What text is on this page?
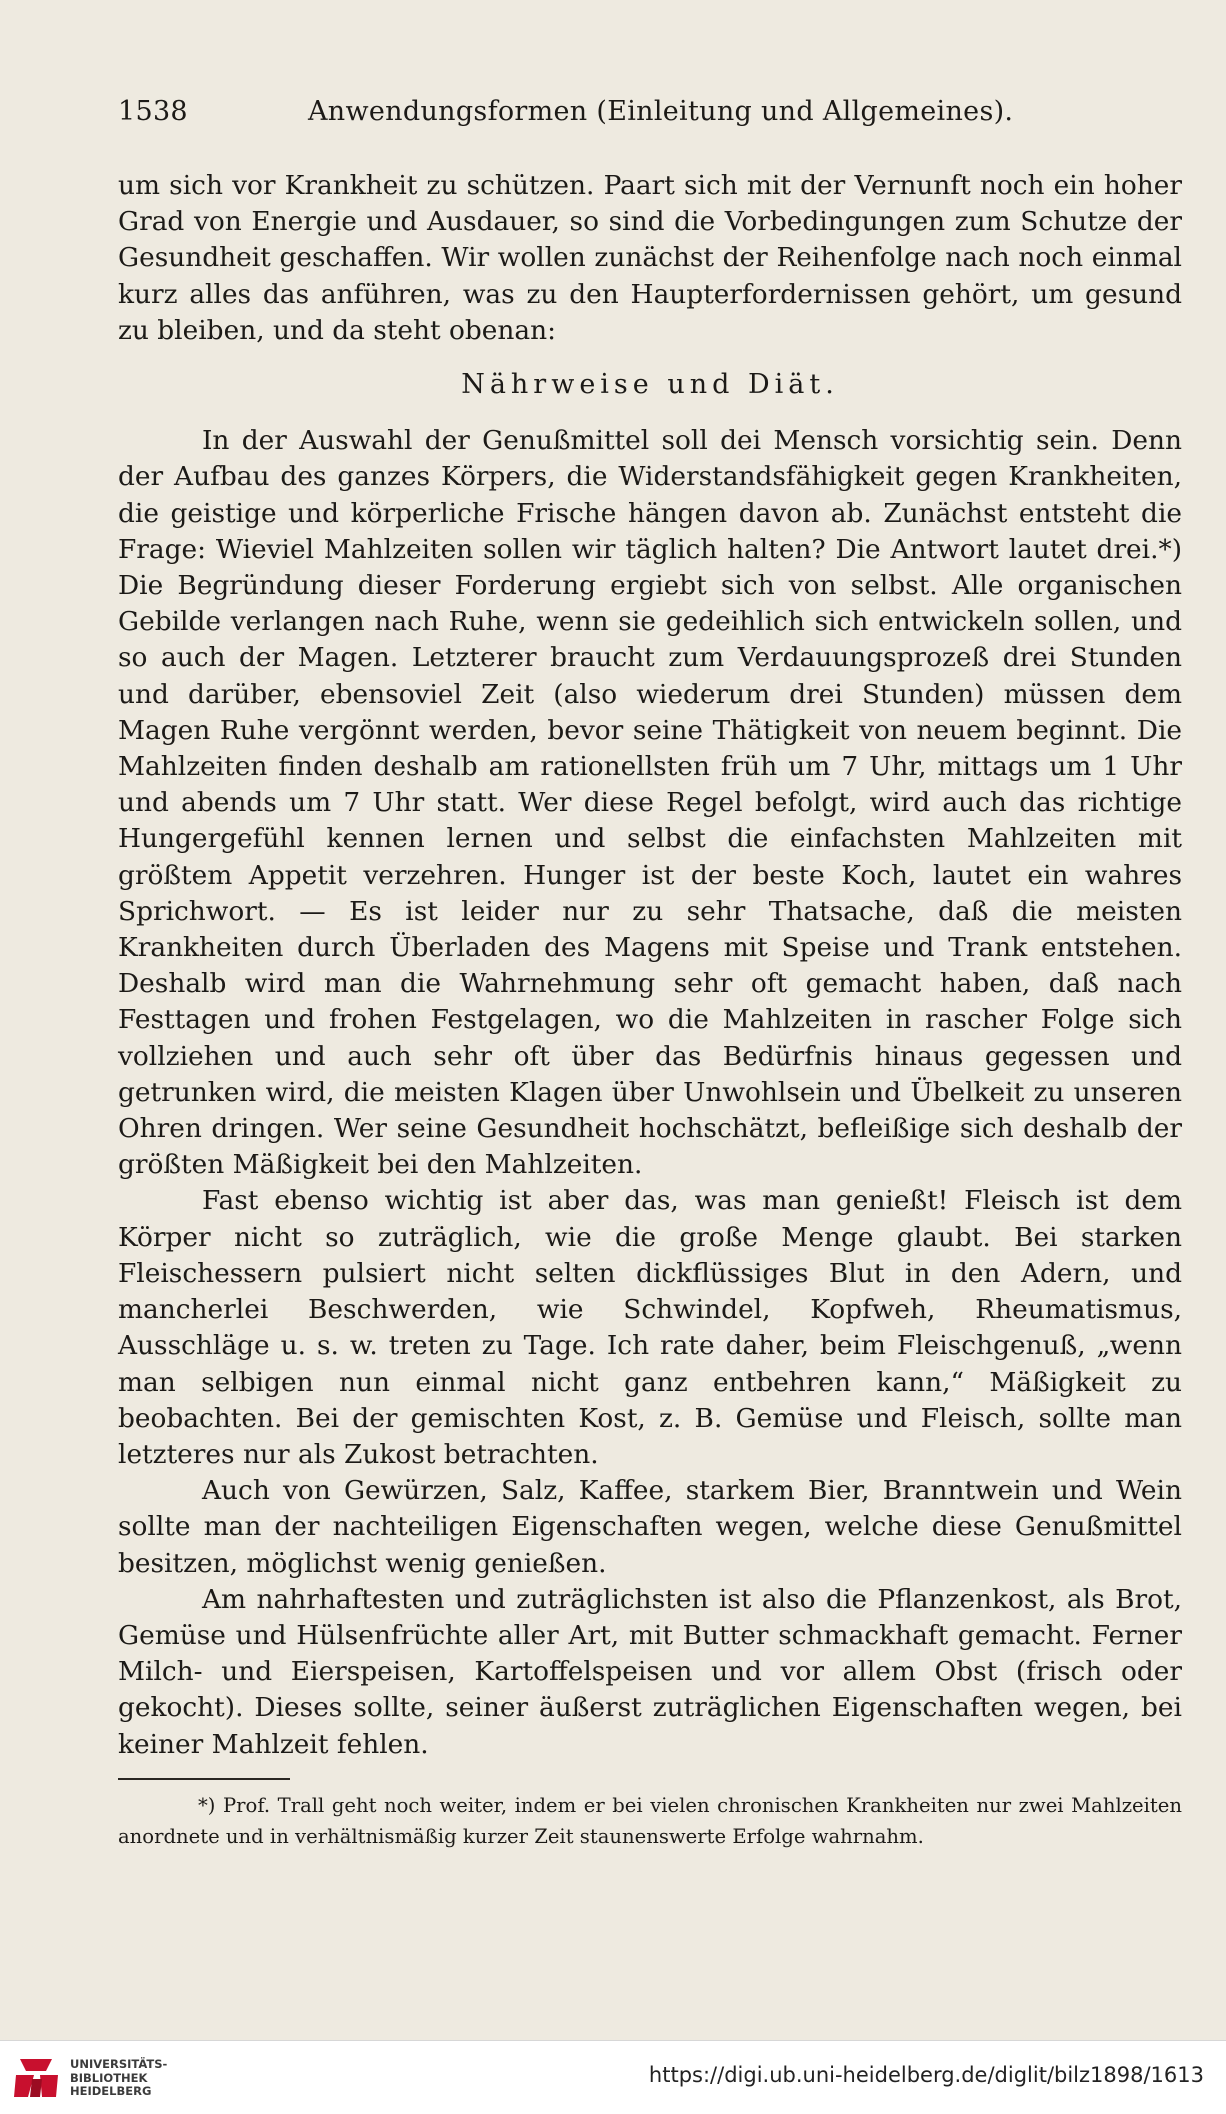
1538	Anwendungsformen (Einleitung und Allgemeines).

um sich vor Krankheit zu schützen. Paart sich mit der Vernunft noch ein hoher Grad von Energie und Ausdauer, so sind die Vorbedingungen zum Schutze der Gesundheit geschaffen. Wir wollen zunächst der Reihenfolge nach noch einmal kurz alles das anführen, was zu den Haupterfordernissen gehört, um gesund zu bleiben, und da steht obenan:

Nährweise und Diät.

In der Auswahl der Genußmittel soll dei Mensch vorsichtig sein. Denn der Aufbau des ganzes Körpers, die Widerstandsfähigkeit gegen Krankheiten, die geistige und körperliche Frische hängen davon ab. Zunächst entsteht die Frage: Wieviel Mahlzeiten sollen wir täglich halten? Die Antwort lautet drei.*) Die Begründung dieser Forderung ergiebt sich von selbst. Alle organischen Gebilde verlangen nach Ruhe, wenn sie gedeihlich sich entwickeln sollen, und so auch der Magen. Letzterer braucht zum Verdauungsprozeß drei Stunden und darüber, ebensoviel Zeit (also wiederum drei Stunden) müssen dem Magen Ruhe vergönnt werden, bevor seine Thätigkeit von neuem beginnt. Die Mahlzeiten finden deshalb am rationellsten früh um 7 Uhr, mittags um 1 Uhr und abends um 7 Uhr statt. Wer diese Regel befolgt, wird auch das richtige Hungergefühl kennen lernen und selbst die einfachsten Mahlzeiten mit größtem Appetit verzehren. Hunger ist der beste Koch, lautet ein wahres Sprichwort. — Es ist leider nur zu sehr Thatsache, daß die meisten Krankheiten durch Überladen des Magens mit Speise und Trank entstehen. Deshalb wird man die Wahrnehmung sehr oft gemacht haben, daß nach Festtagen und frohen Festgelagen, wo die Mahlzeiten in rascher Folge sich vollziehen und auch sehr oft über das Bedürfnis hinaus gegessen und getrunken wird, die meisten Klagen über Unwohlsein und Übelkeit zu unseren Ohren dringen. Wer seine Gesundheit hochschätzt, befleißige sich deshalb der größten Mäßigkeit bei den Mahlzeiten.

Fast ebenso wichtig ist aber das, was man genießt! Fleisch ist dem Körper nicht so zuträglich, wie die große Menge glaubt. Bei starken Fleischessern pulsiert nicht selten dickflüssiges Blut in den Adern, und mancherlei Beschwerden, wie Schwindel, Kopfweh, Rheumatismus, Ausschläge u. s. w. treten zu Tage. Ich rate daher, beim Fleischgenuß, „wenn man selbigen nun einmal nicht ganz entbehren kann,“ Mäßigkeit zu beobachten. Bei der gemischten Kost, z. B. Gemüse und Fleisch, sollte man letzteres nur als Zukost betrachten.

Auch von Gewürzen, Salz, Kaffee, starkem Bier, Branntwein und Wein sollte man der nachteiligen Eigenschaften wegen, welche diese Genußmittel besitzen, möglichst wenig genießen.

Am nahrhaftesten und zuträglichsten ist also die Pflanzenkost, als Brot, Gemüse und Hülsenfrüchte aller Art, mit Butter schmackhaft gemacht. Ferner Milch- und Eierspeisen, Kartoffelspeisen und vor allem Obst (frisch oder gekocht). Dieses sollte, seiner äußerst zuträglichen Eigenschaften wegen, bei keiner Mahlzeit fehlen.

*) Prof. Trall geht noch weiter, indem er bei vielen chronischen Krankheiten nur zwei Mahlzeiten anordnete und in verhältnismäßig kurzer Zeit staunenswerte Erfolge wahrnahm.

UNIVERSITÄTS-
BIBLIOTHEK
HEIDELBERG
https://digi.ub.uni-heidelberg.de/diglit/bilz1898/1613
